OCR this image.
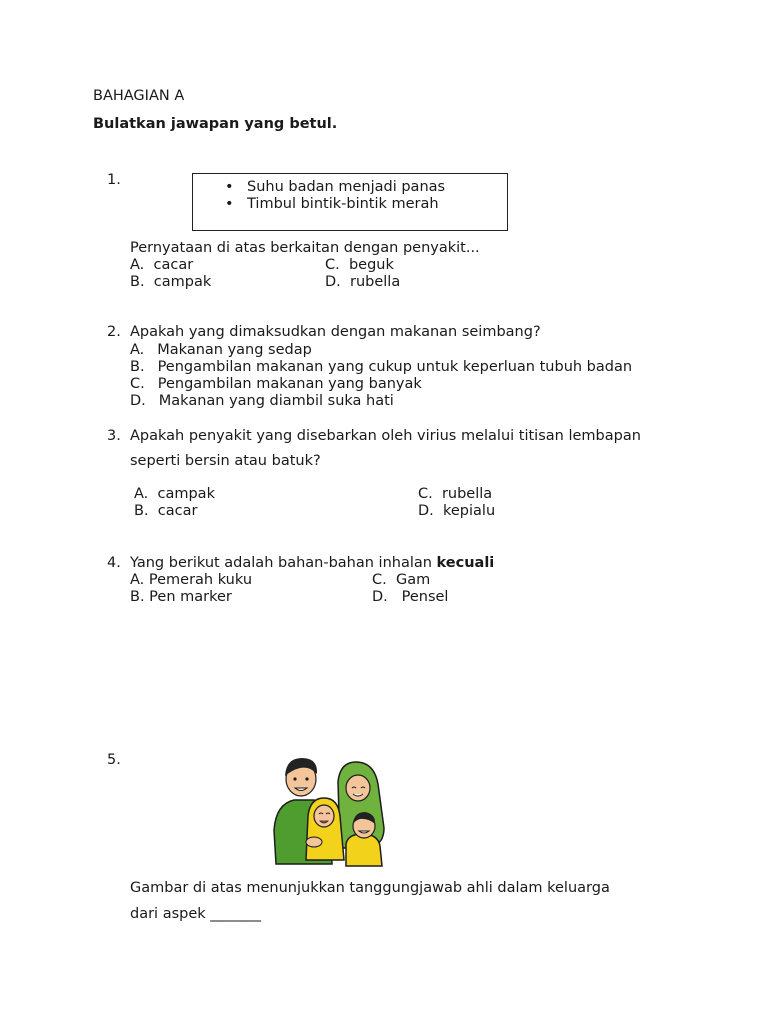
BAHAGIAN A
Bulatkan jawapan yang betul.
1.	• Suhu badan menjadi panas
• Timbul bintik-bintik merah
Pernyataan di atas berkaitan dengan penyakit...
A. cacar
B. campak
C. beguk
D. rubella
2. Apakah yang dimaksudkan dengan makanan seimbang?
A. Makanan yang sedap
B. Pengambilan makanan yang cukup untuk keperluan tubuh badan
C. Pengambilan makanan yang banyak
D. Makanan yang diambil suka hati
3. Apakah penyakit yang disebarkan oleh virius melalui titisan lembapan
seperti bersin atau batuk?
A. campak
B. cacar
C. rubella
D. kepialu
4. Yang berikut adalah bahan-bahan inhalan kecuali
A. Pemerah kuku
B. Pen marker
C. Gam
D. Pensel
5.
Gambar di atas menunjukkan tanggungjawab ahli dalam keluarga
dari aspek _______
